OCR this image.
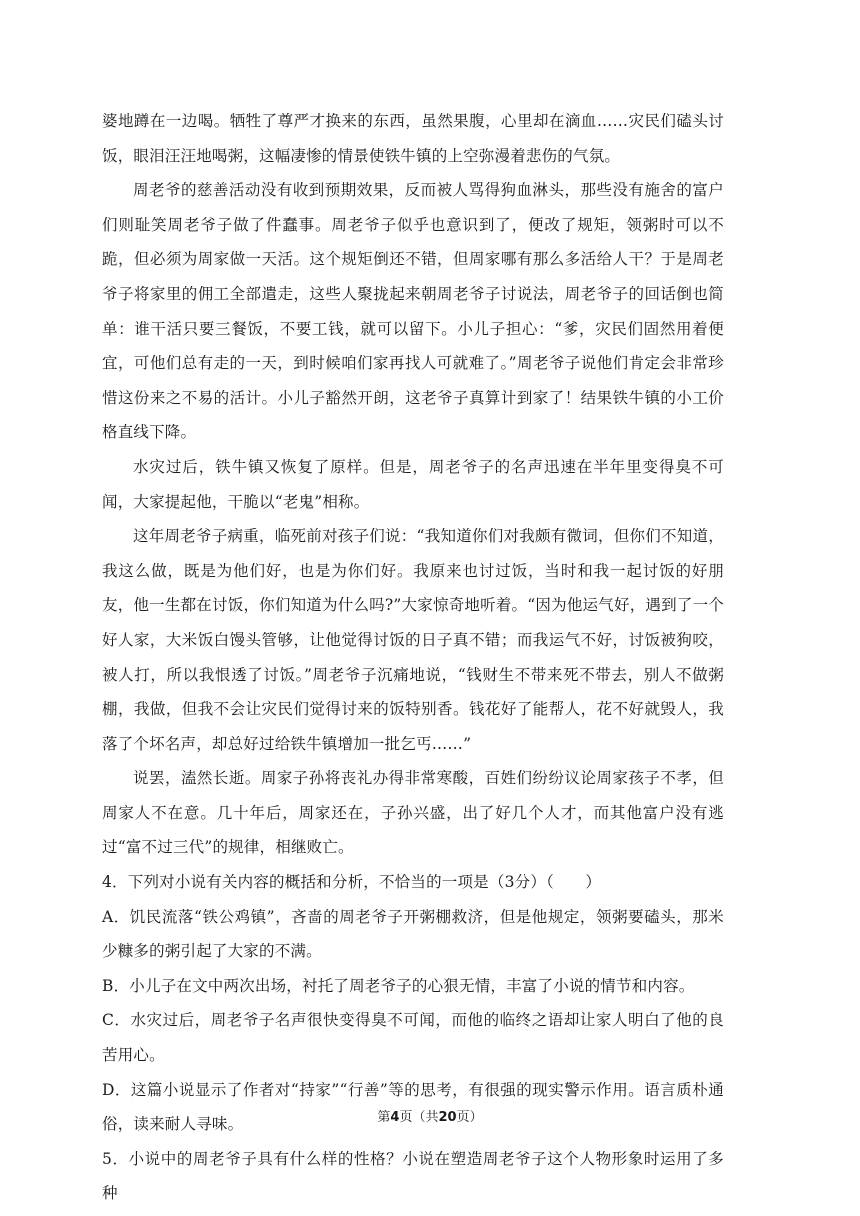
婆地蹲在一边喝。牺牲了尊严才换来的东西，虽然果腹，心里却在滴血……灾民们磕头讨饭，眼泪汪汪地喝粥，这幅凄惨的情景使铁牛镇的上空弥漫着悲伤的气氛。

周老爷的慈善活动没有收到预期效果，反而被人骂得狗血淋头，那些没有施舍的富户们则耻笑周老爷子做了件蠢事。周老爷子似乎也意识到了，便改了规矩，领粥时可以不跪，但必须为周家做一天活。这个规矩倒还不错，但周家哪有那么多活给人干？于是周老爷子将家里的佣工全部遣走，这些人聚拢起来朝周老爷子讨说法，周老爷子的回话倒也简单：谁干活只要三餐饭，不要工钱，就可以留下。小儿子担心：“爹，灾民们固然用着便宜，可他们总有走的一天，到时候咱们家再找人可就难了。”周老爷子说他们肯定会非常珍惜这份来之不易的活计。小儿子豁然开朗，这老爷子真算计到家了！结果铁牛镇的小工价格直线下降。

水灾过后，铁牛镇又恢复了原样。但是，周老爷子的名声迅速在半年里变得臭不可闻，大家提起他，干脆以“老鬼”相称。

这年周老爷子病重，临死前对孩子们说：“我知道你们对我颇有微词，但你们不知道，我这么做，既是为他们好，也是为你们好。我原来也讨过饭，当时和我一起讨饭的好朋友，他一生都在讨饭，你们知道为什么吗?”大家惊奇地听着。“因为他运气好，遇到了一个好人家，大米饭白馒头管够，让他觉得讨饭的日子真不错；而我运气不好，讨饭被狗咬，被人打，所以我恨透了讨饭。”周老爷子沉痛地说，“钱财生不带来死不带去，别人不做粥棚，我做，但我不会让灾民们觉得讨来的饭特别香。钱花好了能帮人，花不好就毁人，我落了个坏名声，却总好过给铁牛镇增加一批乞丐……”

说罢，溘然长逝。周家子孙将丧礼办得非常寒酸，百姓们纷纷议论周家孩子不孝，但周家人不在意。几十年后，周家还在，子孙兴盛，出了好几个人才，而其他富户没有逃过“富不过三代”的规律，相继败亡。

4．下列对小说有关内容的概括和分析，不恰当的一项是（3分）（　　）

A．饥民流落“铁公鸡镇”，吝啬的周老爷子开粥棚救济，但是他规定，领粥要磕头，那米少糠多的粥引起了大家的不满。

B．小儿子在文中两次出场，衬托了周老爷子的心狠无情，丰富了小说的情节和内容。

C．水灾过后，周老爷子名声很快变得臭不可闻，而他的临终之语却让家人明白了他的良苦用心。

D．这篇小说显示了作者对“持家”“行善”等的思考，有很强的现实警示作用。语言质朴通俗，读来耐人寻味。

5．小说中的周老爷子具有什么样的性格？小说在塑造周老爷子这个人物形象时运用了多种

第4页（共20页）
